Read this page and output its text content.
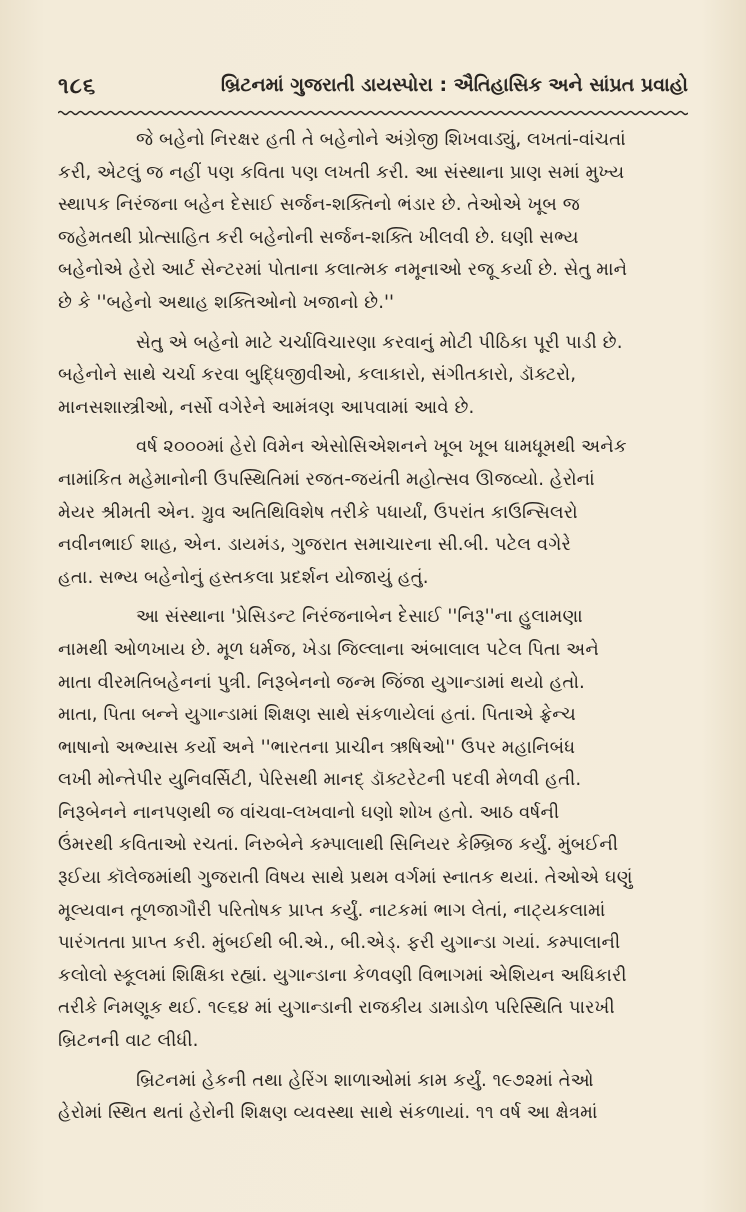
૧૮૬	બ્રિટનમાં ગુજરાતી ડાયસ્પોરા : ઐતિહાસિક અને સાંપ્રત પ્રવાહો

જે બહેનો નિરક્ષર હતી તે બહેનોને અંગ્રેજી શિખવાડ્યું, લખતાં-વાંચતાં
કરી, એટલું જ નહીં પણ કવિતા પણ લખતી કરી. આ સંસ્થાના પ્રાણ સમાં મુખ્ય
સ્થાપક નિરંજના બહેન દેસાઈ સર્જન-શક્તિનો ભંડાર છે. તેઓએ ખૂબ જ
જહેમતથી પ્રોત્સાહિત કરી બહેનોની સર્જન-શક્તિ ખીલવી છે. ઘણી સભ્ય
બહેનોએ હેરો આર્ટ સેન્ટરમાં પોતાના કલાત્મક નમૂનાઓ રજૂ કર્યા છે. સેતુ માને
છે કે ''બહેનો અથાહ શક્તિઓનો ખજાનો છે.''

સેતુ એ બહેનો માટે ચર્ચાવિચારણા કરવાનું મોટી પીઠિકા પૂરી પાડી છે.
બહેનોને સાથે ચર્ચા કરવા બુદ્ધિજીવીઓ, કલાકારો, સંગીતકારો, ડૉક્ટરો,
માનસશાસ્ત્રીઓ, નર્સો વગેરેને આમંત્રણ આપવામાં આવે છે.

વર્ષ ૨૦૦૦માં હેરો વિમેન એસોસિએશનને ખૂબ ખૂબ ધામધૂમથી અનેક
નામાંકિત મહેમાનોની ઉપસ્થિતિમાં રજત-જયંતી મહોત્સવ ઊજવ્યો. હેરોનાં
મેયર શ્રીમતી એન. ગ્રુવ અતિથિવિશેષ તરીકે પધાર્યાં, ઉપરાંત કાઉન્સિલરો
નવીનભાઈ શાહ, એન. ડાયમંડ, ગુજરાત સમાચારના સી.બી. પટેલ વગેરે
હતા. સભ્ય બહેનોનું હસ્તકલા પ્રદર્શન યોજાયું હતું.

આ સંસ્થાના 'પ્રેસિડન્ટ નિરંજનાબેન દેસાઈ ''નિરૂ''ના હુલામણા
નામથી ઓળખાય છે. મૂળ ધર્મજ, ખેડા જિલ્લાના અંબાલાલ પટેલ પિતા અને
માતા વીરમતિબહેનનાં પુત્રી. નિરૂબેનનો જન્મ જિંજા યુગાન્ડામાં થયો હતો.
માતા, પિતા બન્ને યુગાન્ડામાં શિક્ષણ સાથે સંકળાયેલાં હતાં. પિતાએ ફ્રેન્ચ
ભાષાનો અભ્યાસ કર્યો અને ''ભારતના પ્રાચીન ઋષિઓ'' ઉપર મહાનિબંધ
લખી મોન્તેપીર યુનિવર્સિટી, પેરિસથી માનદ્ ડૉક્ટરેટની પદવી મેળવી હતી.
નિરૂબેનને નાનપણથી જ વાંચવા-લખવાનો ઘણો શોખ હતો. આઠ વર્ષની
ઉંમરથી કવિતાઓ રચતાં. નિરુબેને કમ્પાલાથી સિનિયર કેમ્બ્રિજ કર્યું. મુંબઈની
રૂઈયા કૉલેજમાંથી ગુજરાતી વિષય સાથે પ્રથમ વર્ગમાં સ્નાતક થયાં. તેઓએ ઘણું
મૂલ્યવાન તૂળજાગૌરી પરિતોષક પ્રાપ્ત કર્યું. નાટકમાં ભાગ લેતાં, નાટ્યકલામાં
પારંગતતા પ્રાપ્ત કરી. મુંબઈથી બી.એ., બી.એડ્. ફરી યુગાન્ડા ગયાં. કમ્પાલાની
કલોલો સ્કૂલમાં શિક્ષિકા રહ્યાં. યુગાન્ડાના કેળવણી વિભાગમાં એશિયન અધિકારી
તરીકે નિમણૂક થઈ. ૧૯૬૪ માં યુગાન્ડાની રાજકીય ડામાડોળ પરિસ્થિતિ પારખી
બ્રિટનની વાટ લીધી.

બ્રિટનમાં હેકની તથા હેરિંગ શાળાઓમાં કામ કર્યું. ૧૯૭૨માં તેઓ
હેરોમાં સ્થિત થતાં હેરોની શિક્ષણ વ્યવસ્થા સાથે સંકળાયાં. ૧૧ વર્ષ આ ક્ષેત્રમાં
